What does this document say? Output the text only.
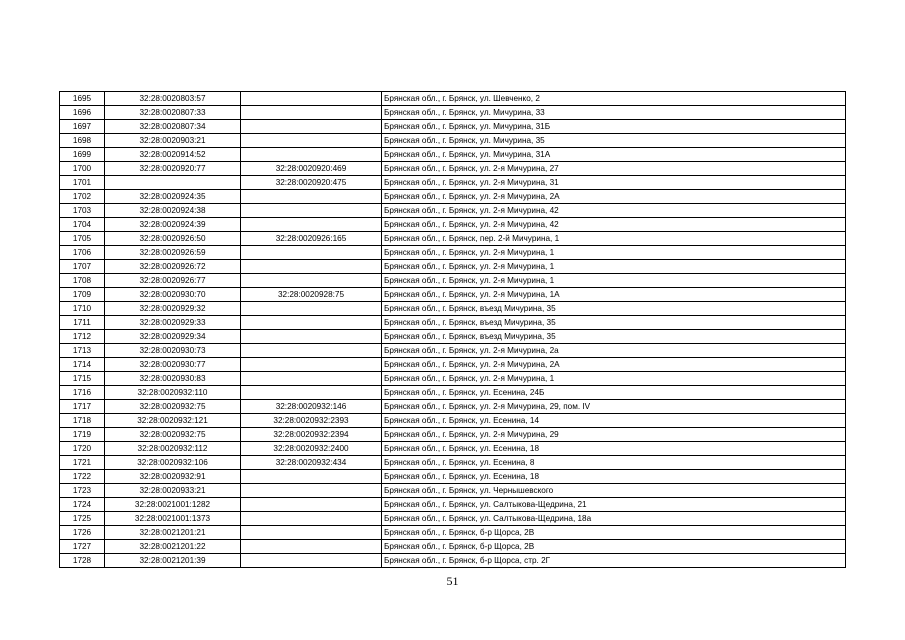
1695	32:28:0020803:57		Брянская обл., г. Брянск, ул. Шевченко, 2
1696	32:28:0020807:33		Брянская обл., г. Брянск, ул. Мичурина, 33
1697	32:28:0020807:34		Брянская обл., г. Брянск, ул. Мичурина, 31Б
1698	32:28:0020903:21		Брянская обл., г. Брянск, ул. Мичурина, 35
1699	32:28:0020914:52		Брянская обл., г. Брянск, ул. Мичурина, 31А
1700	32:28:0020920:77	32:28:0020920:469	Брянская обл., г. Брянск, ул. 2-я Мичурина, 27
1701		32:28:0020920:475	Брянская обл., г. Брянск, ул. 2-я Мичурина, 31
1702	32:28:0020924:35		Брянская обл., г. Брянск, ул. 2-я Мичурина, 2А
1703	32:28:0020924:38		Брянская обл., г. Брянск, ул. 2-я Мичурина, 42
1704	32:28:0020924:39		Брянская обл., г. Брянск, ул. 2-я Мичурина, 42
1705	32:28:0020926:50	32:28:0020926:165	Брянская обл., г. Брянск, пер. 2-й Мичурина, 1
1706	32:28:0020926:59		Брянская обл., г. Брянск, ул. 2-я Мичурина, 1
1707	32:28:0020926:72		Брянская обл., г. Брянск, ул. 2-я Мичурина, 1
1708	32:28:0020926:77		Брянская обл., г. Брянск, ул. 2-я Мичурина, 1
1709	32:28:0020930:70	32:28:0020928:75	Брянская обл., г. Брянск, ул. 2-я Мичурина, 1А
1710	32:28:0020929:32		Брянская обл., г. Брянск, въезд Мичурина, 35
1711	32:28:0020929:33		Брянская обл., г. Брянск, въезд Мичурина, 35
1712	32:28:0020929:34		Брянская обл., г. Брянск, въезд Мичурина, 35
1713	32:28:0020930:73		Брянская обл., г. Брянск, ул. 2-я Мичурина, 2а
1714	32:28:0020930:77		Брянская обл., г. Брянск, ул. 2-я Мичурина, 2А
1715	32:28:0020930:83		Брянская обл., г. Брянск, ул. 2-я Мичурина, 1
1716	32:28:0020932:110		Брянская обл., г. Брянск, ул. Есенина, 24Б
1717	32:28:0020932:75	32:28:0020932:146	Брянская обл., г. Брянск, ул. 2-я Мичурина, 29, пом. IV
1718	32:28:0020932:121	32:28:0020932:2393	Брянская обл., г. Брянск, ул. Есенина, 14
1719	32:28:0020932:75	32:28:0020932:2394	Брянская обл., г. Брянск, ул. 2-я Мичурина, 29
1720	32:28:0020932:112	32:28:0020932:2400	Брянская обл., г. Брянск, ул. Есенина, 18
1721	32:28:0020932:106	32:28:0020932:434	Брянская обл., г. Брянск, ул. Есенина, 8
1722	32:28:0020932:91		Брянская обл., г. Брянск, ул. Есенина, 18
1723	32:28:0020933:21		Брянская обл., г. Брянск, ул. Чернышевского
1724	32:28:0021001:1282		Брянская обл., г. Брянск, ул. Салтыкова-Щедрина, 21
1725	32:28:0021001:1373		Брянская обл., г. Брянск, ул. Салтыкова-Щедрина, 18а
1726	32:28:0021201:21		Брянская обл., г. Брянск, б-р Щорса, 2В
1727	32:28:0021201:22		Брянская обл., г. Брянск, б-р Щорса, 2В
1728	32:28:0021201:39		Брянская обл., г. Брянск, б-р Щорса, стр. 2Г
51
